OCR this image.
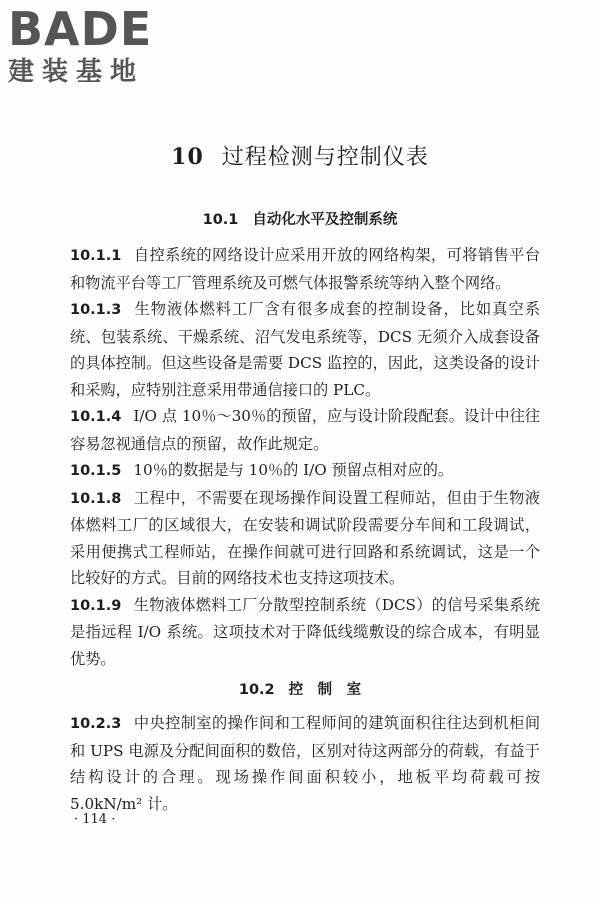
BADE
建装基地
10 过程检测与控制仪表
10.1 自动化水平及控制系统

10.1.1 自控系统的网络设计应采用开放的网络构架，可将销售平台和物流平台等工厂管理系统及可燃气体报警系统等纳入整个网络。

10.1.3 生物液体燃料工厂含有很多成套的控制设备，比如真空系统、包装系统、干燥系统、沼气发电系统等，DCS 无须介入成套设备的具体控制。但这些设备是需要 DCS 监控的，因此，这类设备的设计和采购，应特别注意采用带通信接口的 PLC。

10.1.4 I/O 点 10％～30％的预留，应与设计阶段配套。设计中往往容易忽视通信点的预留，故作此规定。

10.1.5 10％的数据是与 10％的 I/O 预留点相对应的。

10.1.8 工程中，不需要在现场操作间设置工程师站，但由于生物液体燃料工厂的区域很大，在安装和调试阶段需要分车间和工段调试，采用便携式工程师站，在操作间就可进行回路和系统调试，这是一个比较好的方式。目前的网络技术也支持这项技术。

10.1.9 生物液体燃料工厂分散型控制系统（DCS）的信号采集系统是指远程 I/O 系统。这项技术对于降低线缆敷设的综合成本，有明显优势。

10.2 控　制　室

10.2.3 中央控制室的操作间和工程师间的建筑面积往往达到机柜间和 UPS 电源及分配间面积的数倍，区别对待这两部分的荷载，有益于结构设计的合理。现场操作间面积较小，地板平均荷载可按 5.0kN/m² 计。

· 114 ·
